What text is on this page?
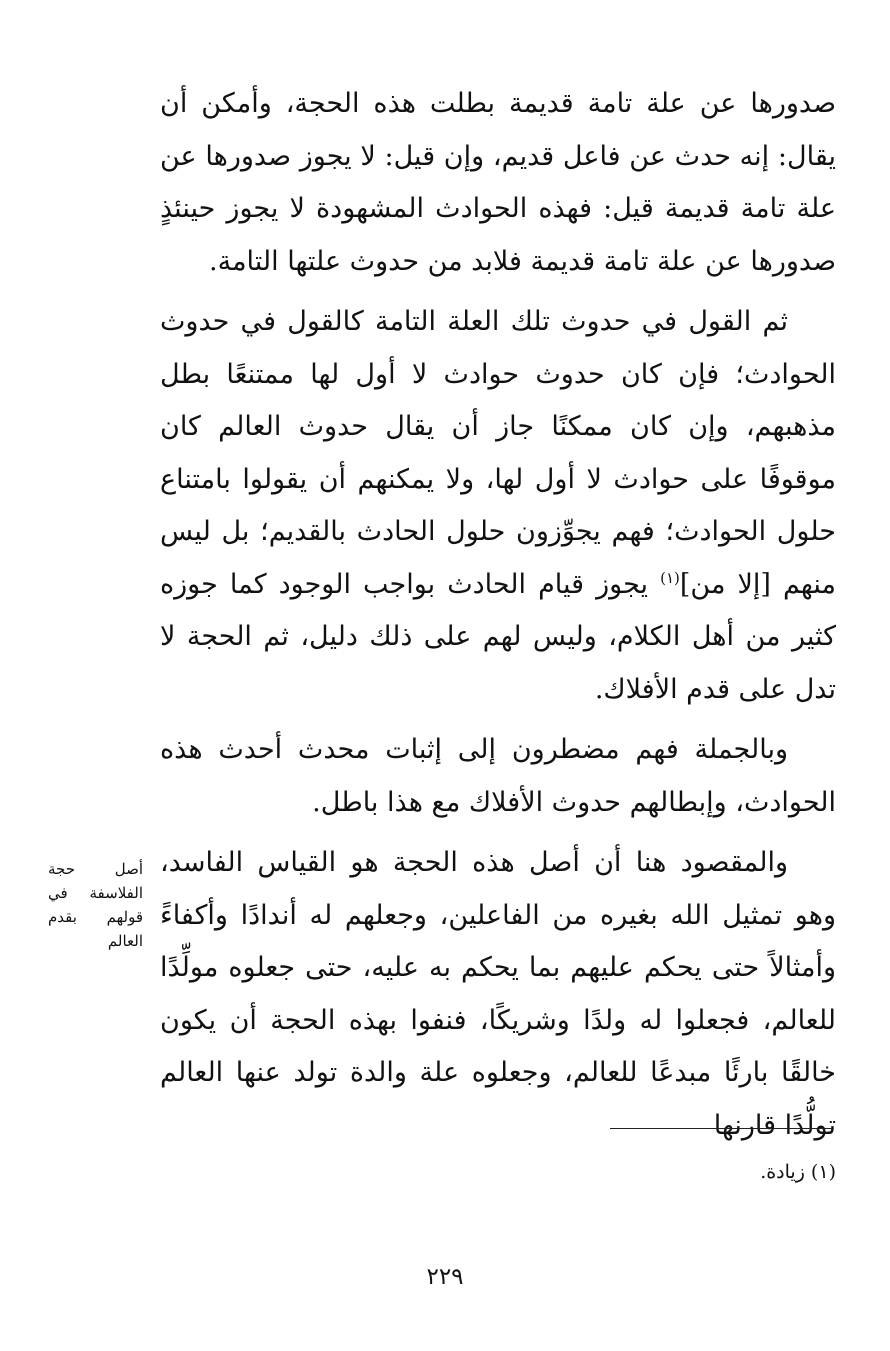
صدورها عن علة تامة قديمة بطلت هذه الحجة، وأمكن أن يقال: إنه حدث عن فاعل قديم، وإن قيل: لا يجوز صدورها عن علة تامة قديمة قيل: فهذه الحوادث المشهودة لا يجوز حينئذٍ صدورها عن علة تامة قديمة فلابد من حدوث علتها التامة.

ثم القول في حدوث تلك العلة التامة كالقول في حدوث الحوادث؛ فإن كان حدوث حوادث لا أول لها ممتنعًا بطل مذهبهم، وإن كان ممكنًا جاز أن يقال حدوث العالم كان موقوفًا على حوادث لا أول لها، ولا يمكنهم أن يقولوا بامتناع حلول الحوادث؛ فهم يجوِّزون حلول الحادث بالقديم؛ بل ليس منهم [إلا من]$^{(١)}$ يجوز قيام الحادث بواجب الوجود كما جوزه كثير من أهل الكلام، وليس لهم على ذلك دليل، ثم الحجة لا تدل على قدم الأفلاك.

وبالجملة فهم مضطرون إلى إثبات محدث أحدث هذه الحوادث، وإبطالهم حدوث الأفلاك مع هذا باطل.

والمقصود هنا أن أصل هذه الحجة هو القياس الفاسد، وهو تمثيل الله بغيره من الفاعلين، وجعلهم له أندادًا وأكفاءً وأمثالاً حتى يحكم عليهم بما يحكم به عليه، حتى جعلوه مولِّدًا للعالم، فجعلوا له ولدًا وشريكًا، فنفوا بهذه الحجة أن يكون خالقًا بارئًا مبدعًا للعالم، وجعلوه علة والدة تولد عنها العالم تولُّدًا قارنها

أصل حجة الفلاسفة في قولهم بقدم العالم
(١) زيادة.
٢٢٩
